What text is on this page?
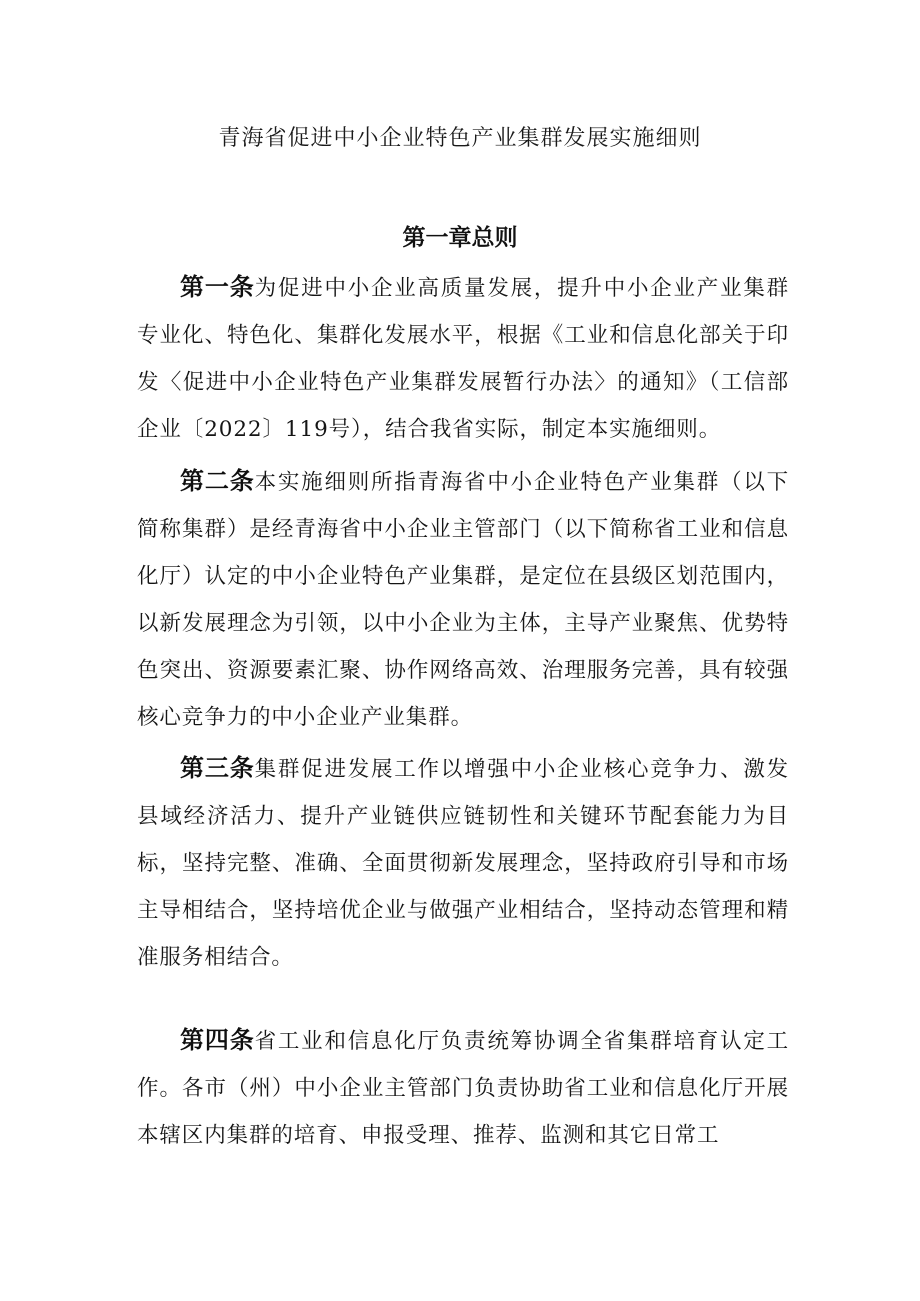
青海省促进中小企业特色产业集群发展实施细则
第一章总则

第一条为促进中小企业高质量发展，提升中小企业产业集群专业化、特色化、集群化发展水平，根据《工业和信息化部关于印发〈促进中小企业特色产业集群发展暂行办法〉的通知》（工信部企业〔2022〕119号），结合我省实际，制定本实施细则。

第二条本实施细则所指青海省中小企业特色产业集群（以下简称集群）是经青海省中小企业主管部门（以下简称省工业和信息化厅）认定的中小企业特色产业集群，是定位在县级区划范围内，以新发展理念为引领，以中小企业为主体，主导产业聚焦、优势特色突出、资源要素汇聚、协作网络高效、治理服务完善，具有较强核心竞争力的中小企业产业集群。

第三条集群促进发展工作以增强中小企业核心竞争力、激发县域经济活力、提升产业链供应链韧性和关键环节配套能力为目标，坚持完整、准确、全面贯彻新发展理念，坚持政府引导和市场主导相结合，坚持培优企业与做强产业相结合，坚持动态管理和精准服务相结合。

第四条省工业和信息化厅负责统筹协调全省集群培育认定工作。各市（州）中小企业主管部门负责协助省工业和信息化厅开展本辖区内集群的培育、申报受理、推荐、监测和其它日常工
